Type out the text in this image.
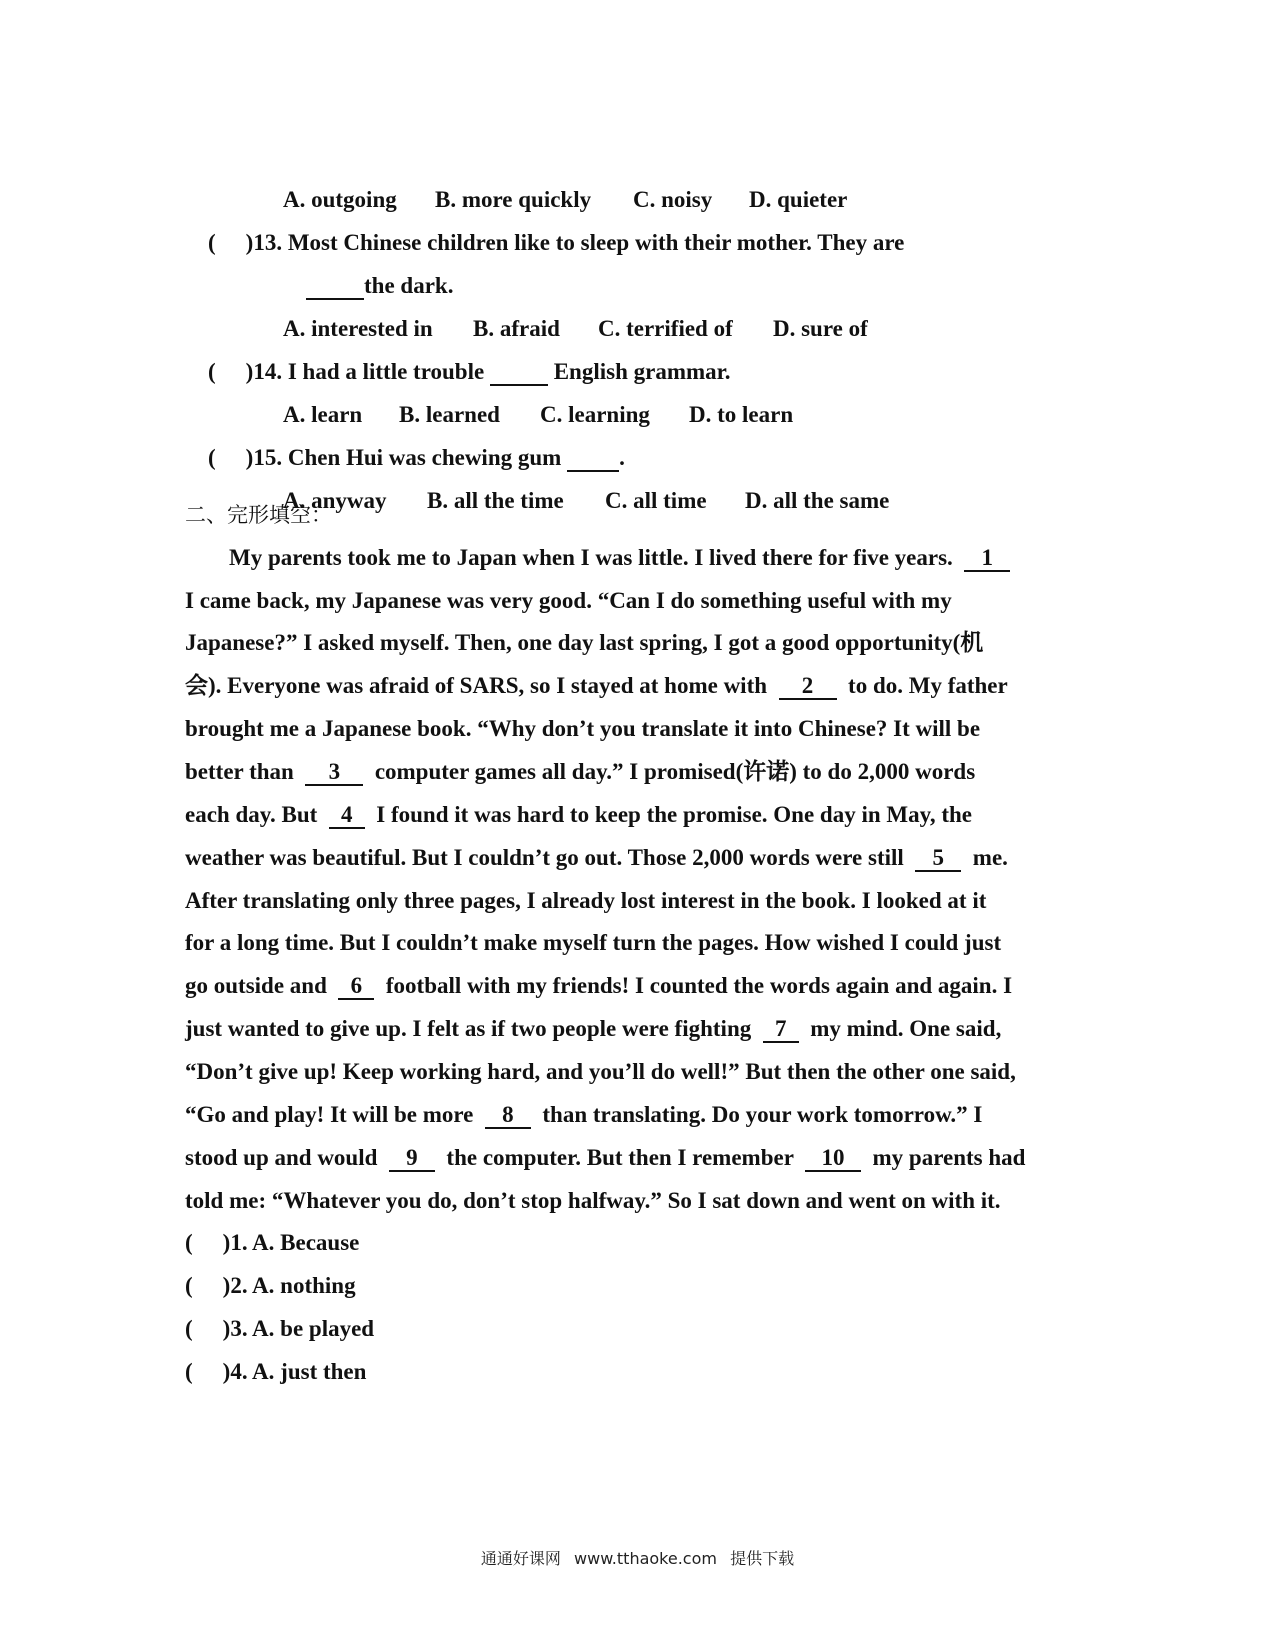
A. outgoing B. more quickly C. noisy D. quieter

( )13. Most Chinese children like to sleep with their mother. They are

the dark.

A. interested in B. afraid C. terrified of D. sure of

( )14. I had a little trouble	English grammar.

A. learn B. learned C. learning D. to learn

( )15. Chen Hui was chewing gum	.

A. anyway B. all the time C. all time D. all the same

二、完形填空：
My parents took me to Japan when I was little. I lived there for five years. 1
I came back, my Japanese was very good. “Can I do something useful with my
Japanese?” I asked myself. Then, one day last spring, I got a good opportunity(机
会). Everyone was afraid of SARS, so I stayed at home with 2 to do. My father
brought me a Japanese book. “Why don’t you translate it into Chinese? It will be
better than 3 computer games all day.” I promised(许诺) to do 2,000 words
each day. But 4 I found it was hard to keep the promise. One day in May, the
weather was beautiful. But I couldn’t go out. Those 2,000 words were still 5 me.
After translating only three pages, I already lost interest in the book. I looked at it
for a long time. But I couldn’t make myself turn the pages. How wished I could just
go outside and 6 football with my friends! I counted the words again and again. I
just wanted to give up. I felt as if two people were fighting 7 my mind. One said,
“Don’t give up! Keep working hard, and you’ll do well!” But then the other one said,
“Go and play! It will be more 8 than translating. Do your work tomorrow.” I
stood up and would 9 the computer. But then I remember 10 my parents had
told me: “Whatever you do, don’t stop halfway.” So I sat down and went on with it.
( )1. A. Because
( )2. A. nothing
( )3. A. be played
( )4. A. just then
通通好课网 www.tthaoke.com 提供下载
